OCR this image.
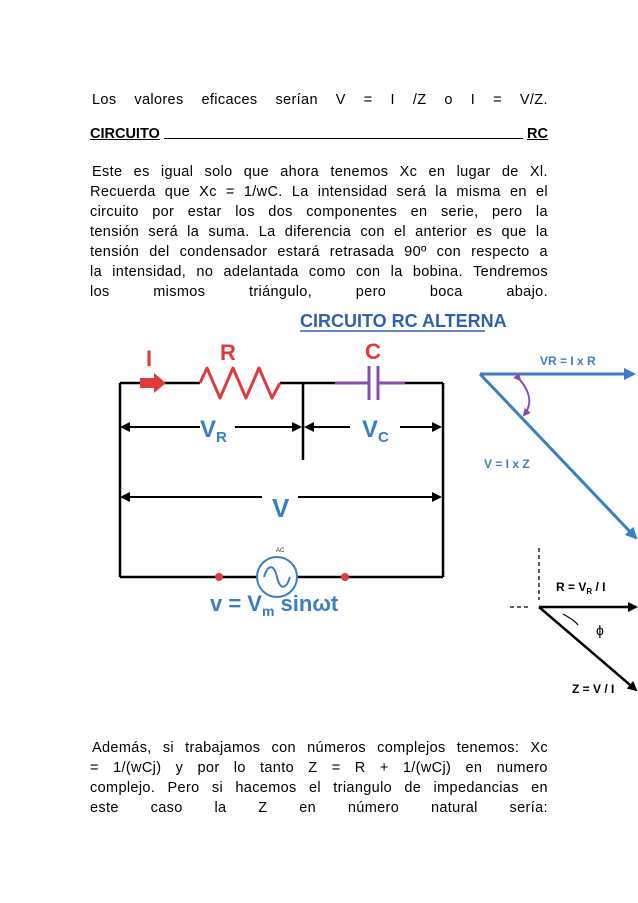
Los valores eficaces serían V = I /Z o I = V/Z.
CIRCUITO	RC
Este es igual solo que ahora tenemos Xc en lugar de Xl.
Recuerda que Xc = 1/wC. La intensidad será la misma en el
circuito por estar los dos componentes en serie, pero la
tensión será la suma. La diferencia con el anterior es que la
tensión del condensador estará retrasada 90º con respecto a
la intensidad, no adelantada como con la bobina. Tendremos
los	mismos	triángulo,	pero	boca	abajo.
CIRCUITO RC ALTERNA
I	R	C
$V_R$	$V_C$
V
AC
$v = V_m$ sinωt
VR = I x R
V = I x Z
$R = V_R / I$
ϕ
Z = V / I
Además, si trabajamos con números complejos tenemos: Xc
= 1/(wCj) y por lo tanto Z = R + 1/(wCj) en numero
complejo. Pero si hacemos el triangulo de impedancias en
este caso la Z en número natural sería:
